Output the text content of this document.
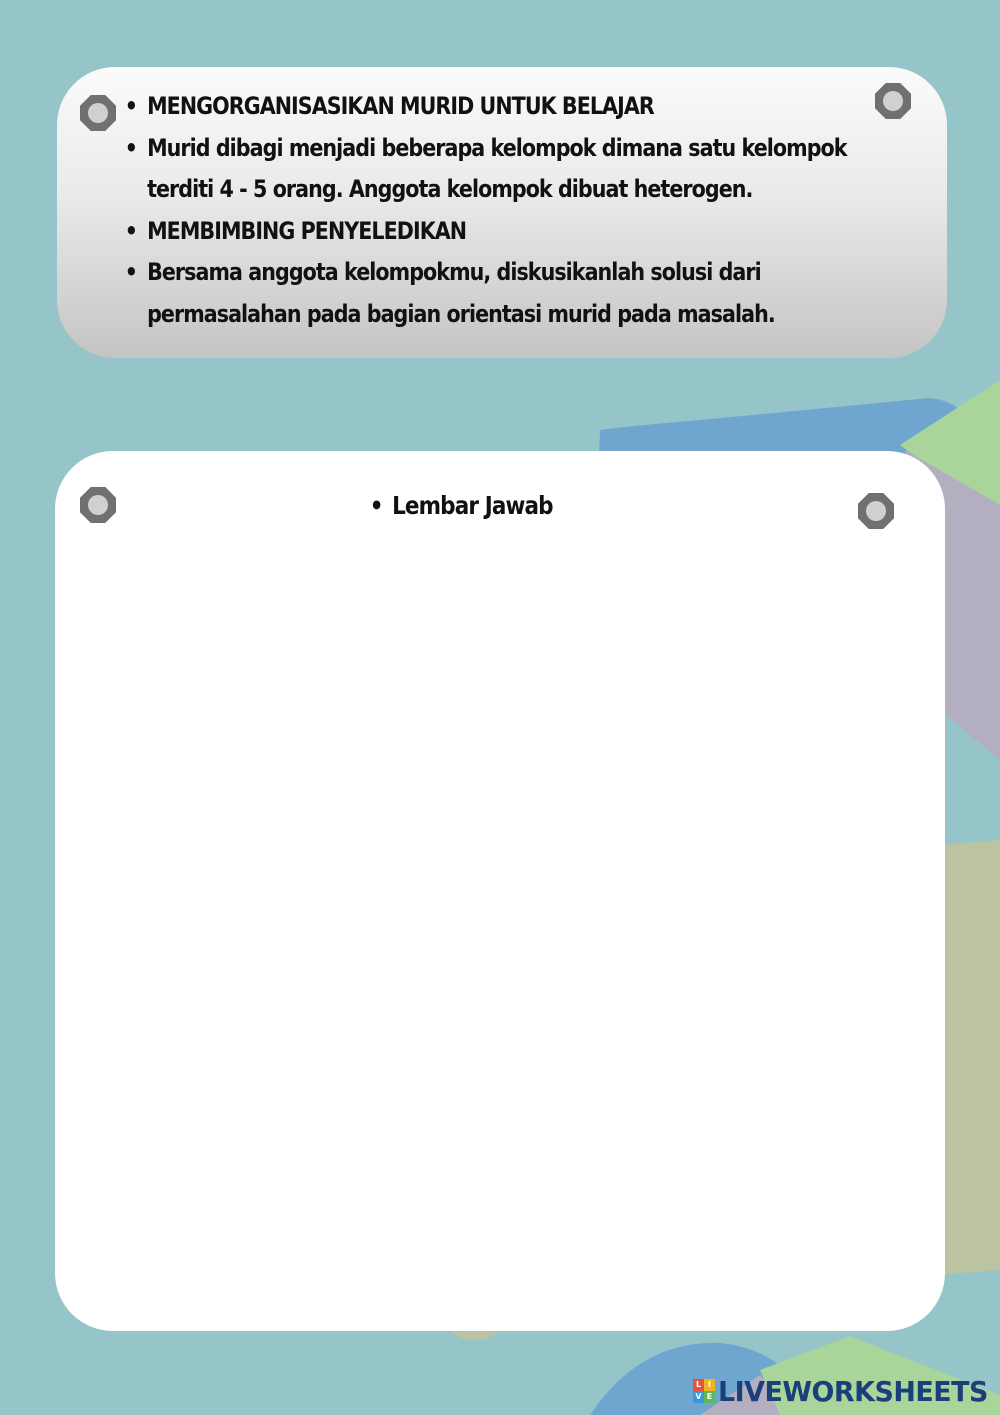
• MENGORGANISASIKAN MURID UNTUK BELAJAR
• Murid dibagi menjadi beberapa kelompok dimana satu kelompok
terditi 4 - 5 orang. Anggota kelompok dibuat heterogen.
• MEMBIMBING PENYELEDIKAN
• Bersama anggota kelompokmu, diskusikanlah solusi dari
permasalahan pada bagian orientasi murid pada masalah.

• Lembar Jawab

L I
V E LIVEWORKSHEETS
